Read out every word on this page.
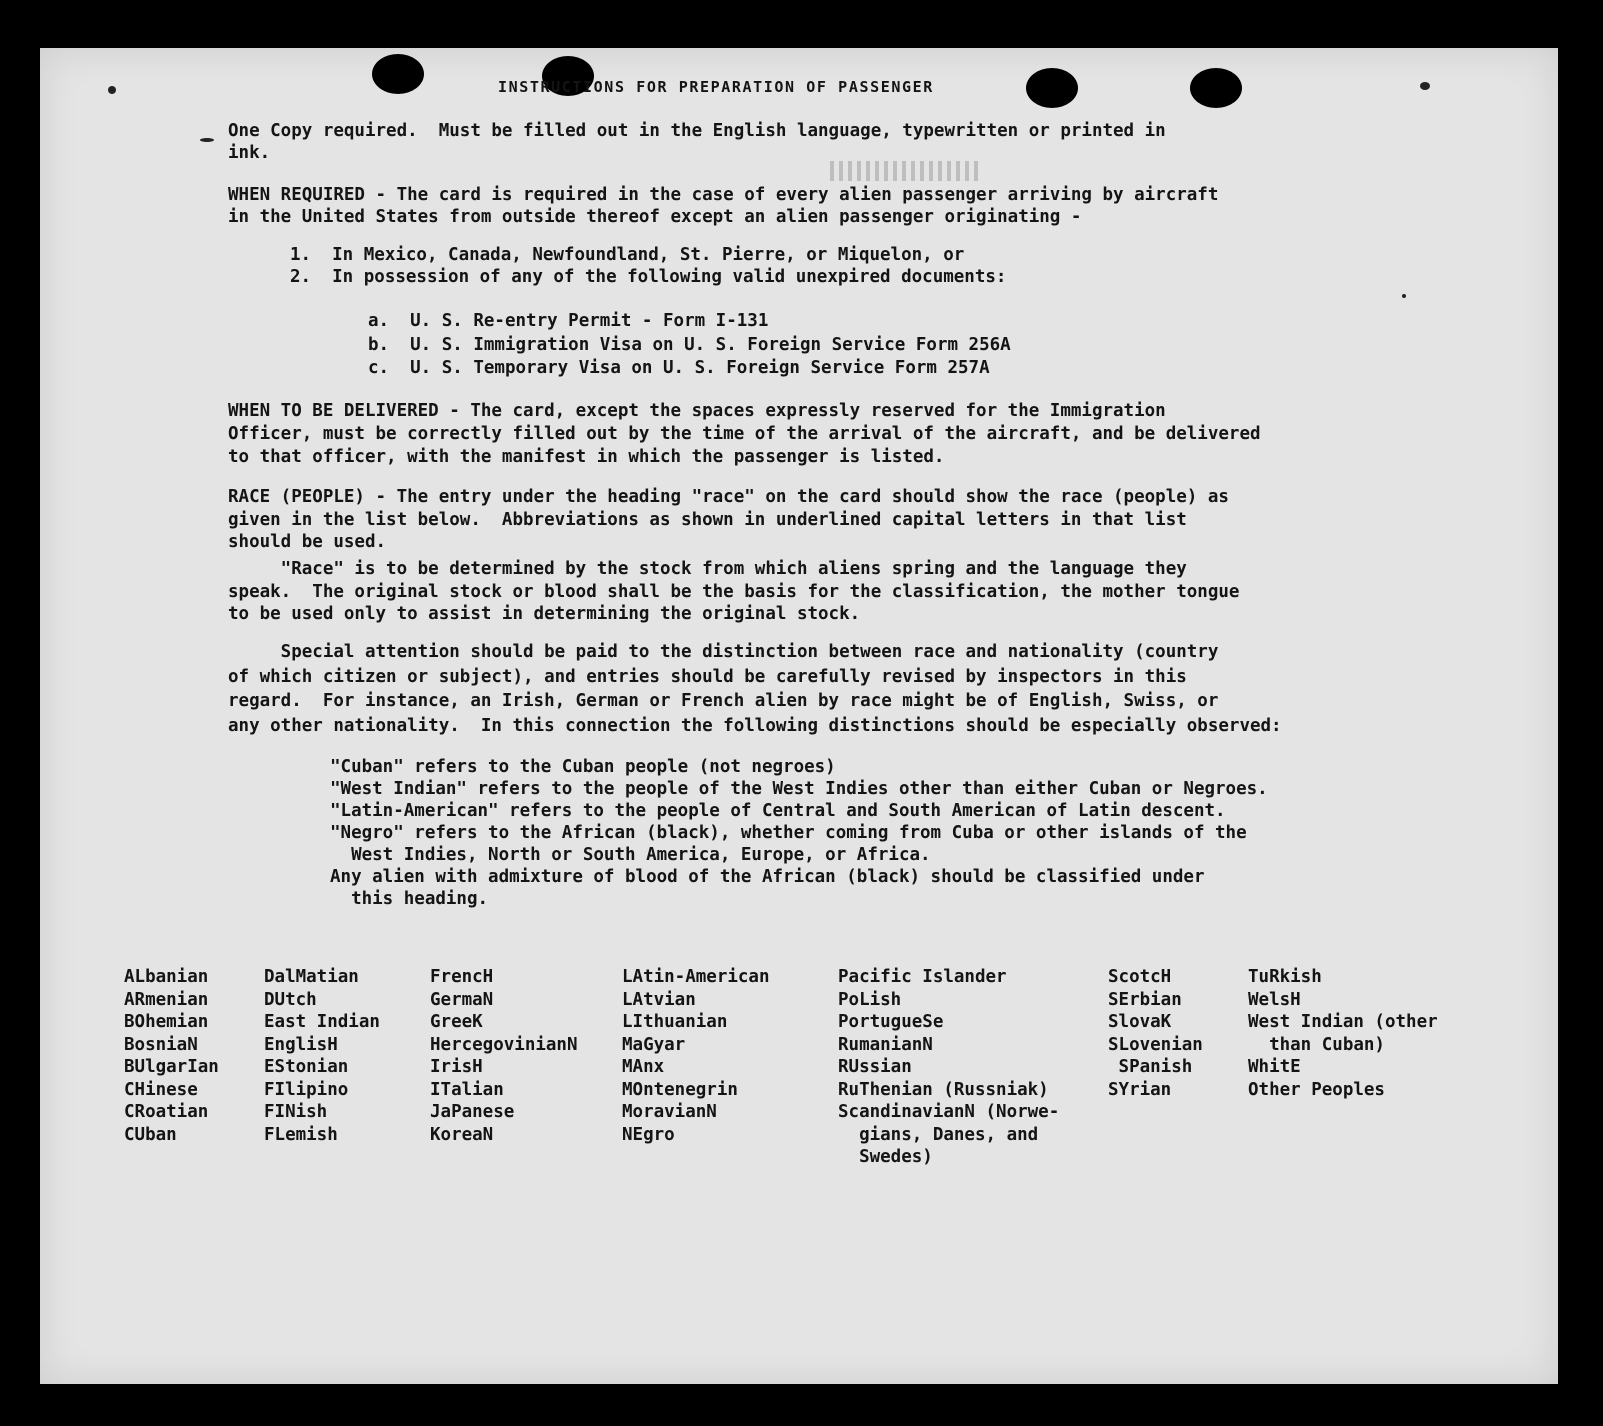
INSTRUCTIONS FOR PREPARATION OF PASSENGER
One Copy required.  Must be filled out in the English language, typewritten or printed in
ink.
WHEN REQUIRED - The card is required in the case of every alien passenger arriving by aircraft
in the United States from outside thereof except an alien passenger originating -
1.  In Mexico, Canada, Newfoundland, St. Pierre, or Miquelon, or
2.  In possession of any of the following valid unexpired documents:
a.  U. S. Re-entry Permit - Form I-131
b.  U. S. Immigration Visa on U. S. Foreign Service Form 256A
c.  U. S. Temporary Visa on U. S. Foreign Service Form 257A
WHEN TO BE DELIVERED - The card, except the spaces expressly reserved for the Immigration
Officer, must be correctly filled out by the time of the arrival of the aircraft, and be delivered
to that officer, with the manifest in which the passenger is listed.
RACE (PEOPLE) - The entry under the heading "race" on the card should show the race (people) as
given in the list below.  Abbreviations as shown in underlined capital letters in that list
should be used.
"Race" is to be determined by the stock from which aliens spring and the language they
speak.  The original stock or blood shall be the basis for the classification, the mother tongue
to be used only to assist in determining the original stock.
Special attention should be paid to the distinction between race and nationality (country
of which citizen or subject), and entries should be carefully revised by inspectors in this
regard.  For instance, an Irish, German or French alien by race might be of English, Swiss, or
any other nationality.  In this connection the following distinctions should be especially observed:
"Cuban" refers to the Cuban people (not negroes)
"West Indian" refers to the people of the West Indies other than either Cuban or Negroes.
"Latin-American" refers to the people of Central and South American of Latin descent.
"Negro" refers to the African (black), whether coming from Cuba or other islands of the
West Indies, North or South America, Europe, or Africa.
Any alien with admixture of blood of the African (black) should be classified under
this heading.
ALbanian
ARmenian
BOhemian
BosniaN
BUlgarIan
CHinese
CRoatian
CUban
DalMatian
DUtch
East Indian
EnglisH
EStonian
FIlipino
FINish
FLemish
FrencH
GermaN
GreeK
HercegovinianN
IrisH
ITalian
JaPanese
KoreaN
LAtin-American
LAtvian
LIthuanian
MaGyar
MAnx
MOntenegrin
MoravianN
NEgro
Pacific Islander
PoLish
PortugueSe
RumanianN
RUssian
RuThenian (Russniak)
ScandinavianN (Norwe-
gians, Danes, and
Swedes)
ScotcH
SErbian
SlovaK
SLovenian
SPanish
SYrian
TuRkish
WelsH
West Indian (other
than Cuban)
WhitE
Other Peoples
